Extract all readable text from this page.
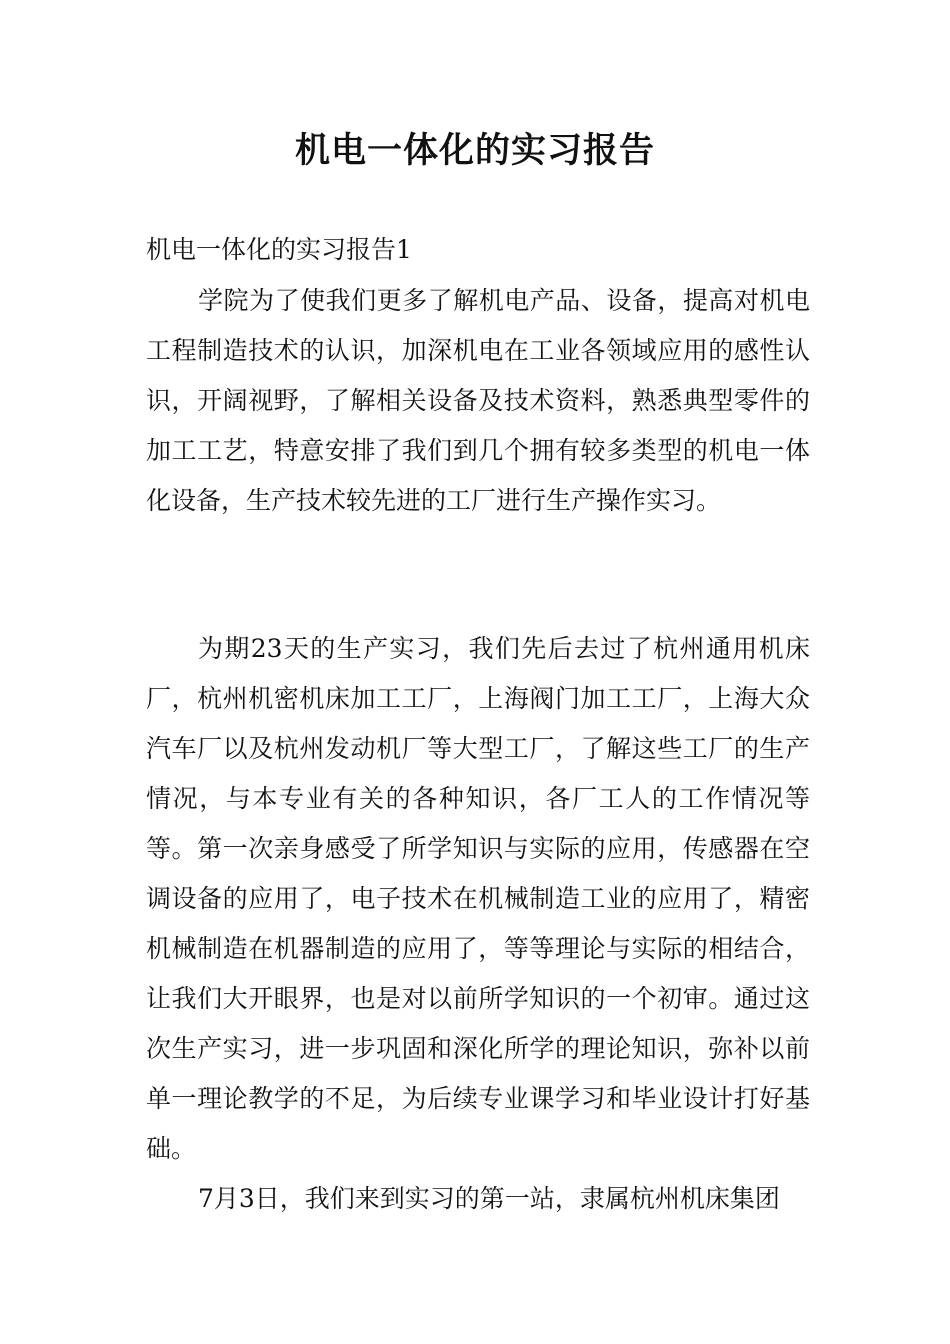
机电一体化的实习报告

机电一体化的实习报告1

学院为了使我们更多了解机电产品、设备，提高对机电工程制造技术的认识，加深机电在工业各领域应用的感性认识，开阔视野，了解相关设备及技术资料，熟悉典型零件的加工工艺，特意安排了我们到几个拥有较多类型的机电一体化设备，生产技术较先进的工厂进行生产操作实习。

为期23天的生产实习，我们先后去过了杭州通用机床厂，杭州机密机床加工工厂，上海阀门加工工厂，上海大众汽车厂以及杭州发动机厂等大型工厂，了解这些工厂的生产情况，与本专业有关的各种知识，各厂工人的工作情况等等。第一次亲身感受了所学知识与实际的应用，传感器在空调设备的应用了，电子技术在机械制造工业的应用了，精密机械制造在机器制造的应用了，等等理论与实际的相结合，让我们大开眼界，也是对以前所学知识的一个初审。通过这次生产实习，进一步巩固和深化所学的理论知识，弥补以前单一理论教学的不足，为后续专业课学习和毕业设计打好基础。

7月3日，我们来到实习的第一站，隶属杭州机床集团
